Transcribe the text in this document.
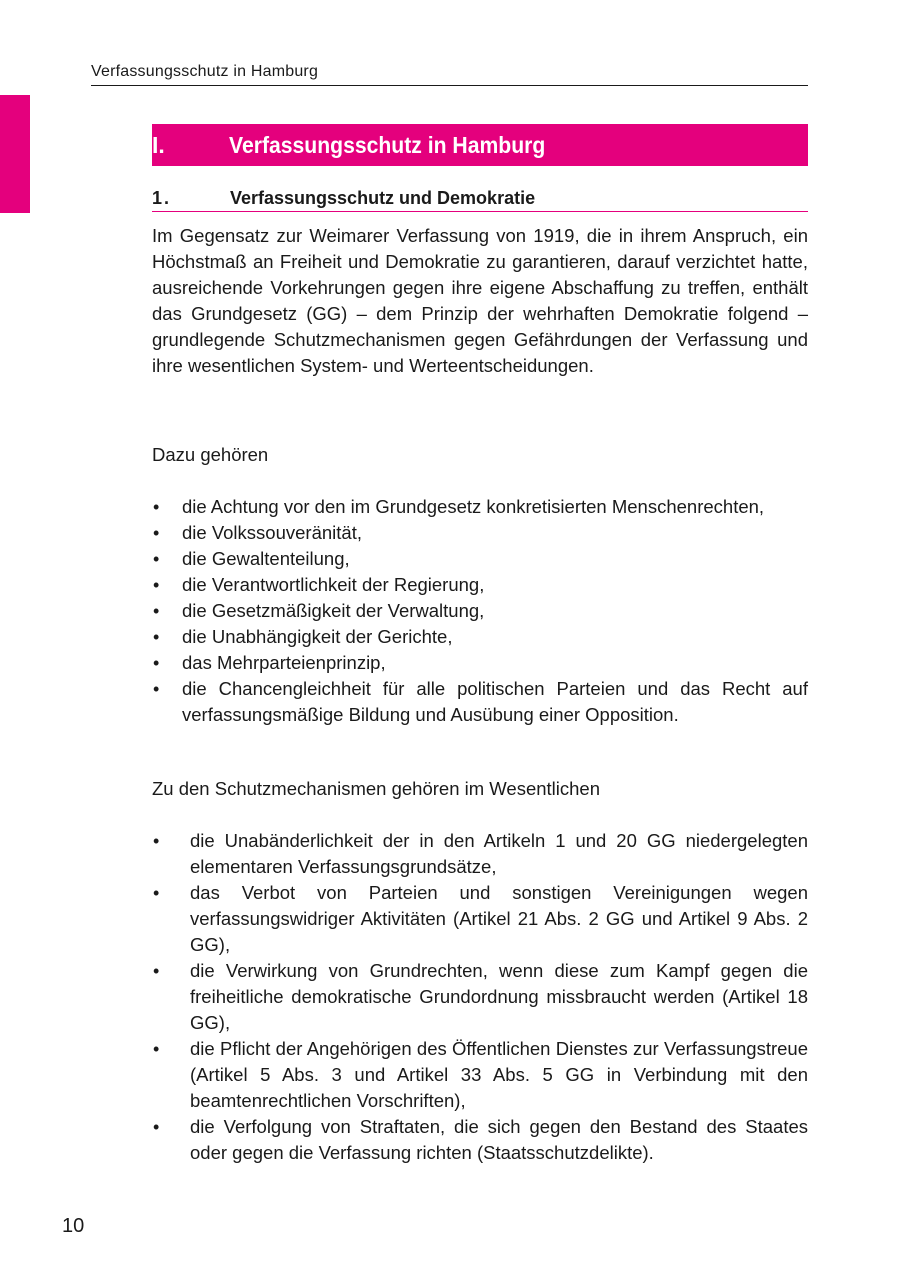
Verfassungsschutz in Hamburg
I.	Verfassungsschutz in Hamburg
1.	Verfassungsschutz und Demokratie

Im Gegensatz zur Weimarer Verfassung von 1919, die in ihrem Anspruch, ein Höchstmaß an Freiheit und Demokratie zu garantieren, darauf verzichtet hatte, ausreichende Vorkehrungen gegen ihre eigene Abschaffung zu treffen, enthält das Grundgesetz (GG) – dem Prinzip der wehrhaften Demokratie folgend – grundlegende Schutzmechanismen gegen Gefährdungen der Verfassung und ihre wesentlichen System- und Werteentscheidungen.

Dazu gehören

• die Achtung vor den im Grundgesetz konkretisierten Menschenrechten,
• die Volkssouveränität,
• die Gewaltenteilung,
• die Verantwortlichkeit der Regierung,
• die Gesetzmäßigkeit der Verwaltung,
• die Unabhängigkeit der Gerichte,
• das Mehrparteienprinzip,
• die Chancengleichheit für alle politischen Parteien und das Recht auf verfassungsmäßige Bildung und Ausübung einer Opposition.

Zu den Schutzmechanismen gehören im Wesentlichen

• die Unabänderlichkeit der in den Artikeln 1 und 20 GG niedergelegten elementaren Verfassungsgrundsätze,
• das Verbot von Parteien und sonstigen Vereinigungen wegen verfassungswidriger Aktivitäten (Artikel 21 Abs. 2 GG und Artikel 9 Abs. 2 GG),
• die Verwirkung von Grundrechten, wenn diese zum Kampf gegen die freiheitliche demokratische Grundordnung missbraucht werden (Artikel 18 GG),
• die Pflicht der Angehörigen des Öffentlichen Dienstes zur Verfassungstreue (Artikel 5 Abs. 3 und Artikel 33 Abs. 5 GG in Verbindung mit den beamtenrechtlichen Vorschriften),
• die Verfolgung von Straftaten, die sich gegen den Bestand des Staates oder gegen die Verfassung richten (Staatsschutzdelikte).
10
